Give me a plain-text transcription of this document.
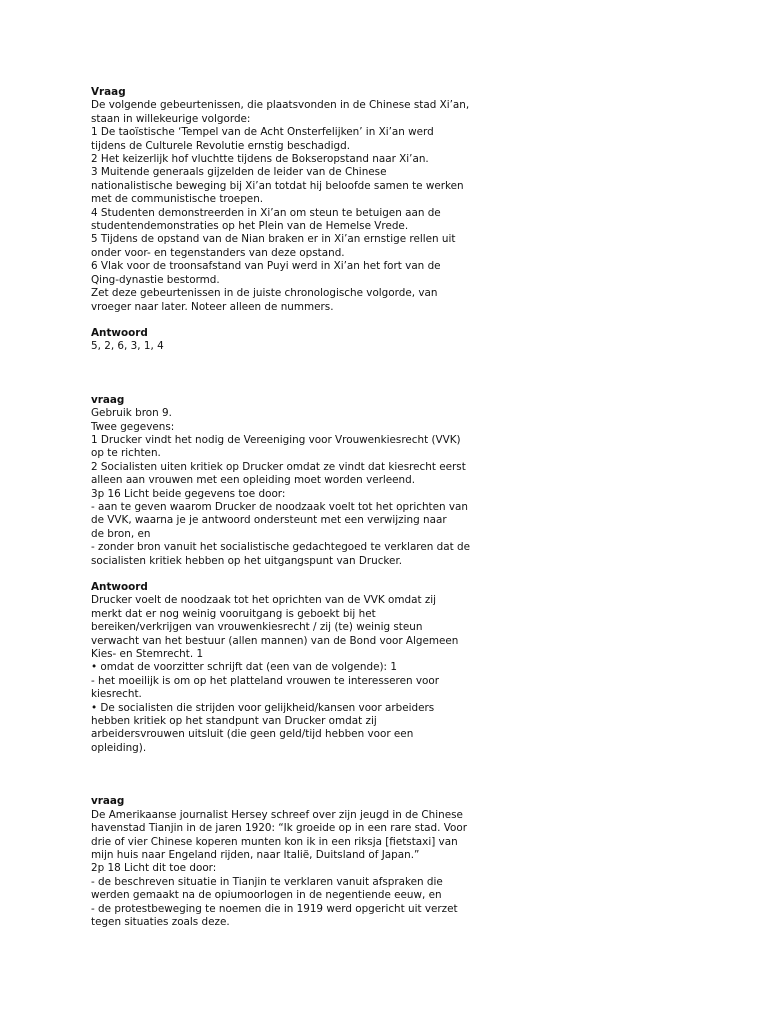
Vraag
De volgende gebeurtenissen, die plaatsvonden in de Chinese stad Xi’an,
staan in willekeurige volgorde:
1 De taoïstische ‘Tempel van de Acht Onsterfelijken’ in Xi’an werd
tijdens de Culturele Revolutie ernstig beschadigd.
2 Het keizerlijk hof vluchtte tijdens de Bokseropstand naar Xi’an.
3 Muitende generaals gijzelden de leider van de Chinese
nationalistische beweging bij Xi’an totdat hij beloofde samen te werken
met de communistische troepen.
4 Studenten demonstreerden in Xi’an om steun te betuigen aan de
studentendemonstraties op het Plein van de Hemelse Vrede.
5 Tijdens de opstand van de Nian braken er in Xi’an ernstige rellen uit
onder voor- en tegenstanders van deze opstand.
6 Vlak voor de troonsafstand van Puyi werd in Xi’an het fort van de
Qing-dynastie bestormd.
Zet deze gebeurtenissen in de juiste chronologische volgorde, van
vroeger naar later. Noteer alleen de nummers.
Antwoord
5, 2, 6, 3, 1, 4
vraag
Gebruik bron 9.
Twee gegevens:
1 Drucker vindt het nodig de Vereeniging voor Vrouwenkiesrecht (VVK)
op te richten.
2 Socialisten uiten kritiek op Drucker omdat ze vindt dat kiesrecht eerst
alleen aan vrouwen met een opleiding moet worden verleend.
3p 16 Licht beide gegevens toe door:
- aan te geven waarom Drucker de noodzaak voelt tot het oprichten van
de VVK, waarna je je antwoord ondersteunt met een verwijzing naar
de bron, en
- zonder bron vanuit het socialistische gedachtegoed te verklaren dat de
socialisten kritiek hebben op het uitgangspunt van Drucker.
Antwoord
Drucker voelt de noodzaak tot het oprichten van de VVK omdat zij
merkt dat er nog weinig vooruitgang is geboekt bij het
bereiken/verkrijgen van vrouwenkiesrecht / zij (te) weinig steun
verwacht van het bestuur (allen mannen) van de Bond voor Algemeen
Kies- en Stemrecht. 1
• omdat de voorzitter schrijft dat (een van de volgende): 1
- het moeilijk is om op het platteland vrouwen te interesseren voor
kiesrecht.
• De socialisten die strijden voor gelijkheid/kansen voor arbeiders
hebben kritiek op het standpunt van Drucker omdat zij
arbeidersvrouwen uitsluit (die geen geld/tijd hebben voor een
opleiding).
vraag
De Amerikaanse journalist Hersey schreef over zijn jeugd in de Chinese
havenstad Tianjin in de jaren 1920: “Ik groeide op in een rare stad. Voor
drie of vier Chinese koperen munten kon ik in een riksja [fietstaxi] van
mijn huis naar Engeland rijden, naar Italië, Duitsland of Japan.”
2p 18 Licht dit toe door:
- de beschreven situatie in Tianjin te verklaren vanuit afspraken die
werden gemaakt na de opiumoorlogen in de negentiende eeuw, en
- de protestbeweging te noemen die in 1919 werd opgericht uit verzet
tegen situaties zoals deze.
